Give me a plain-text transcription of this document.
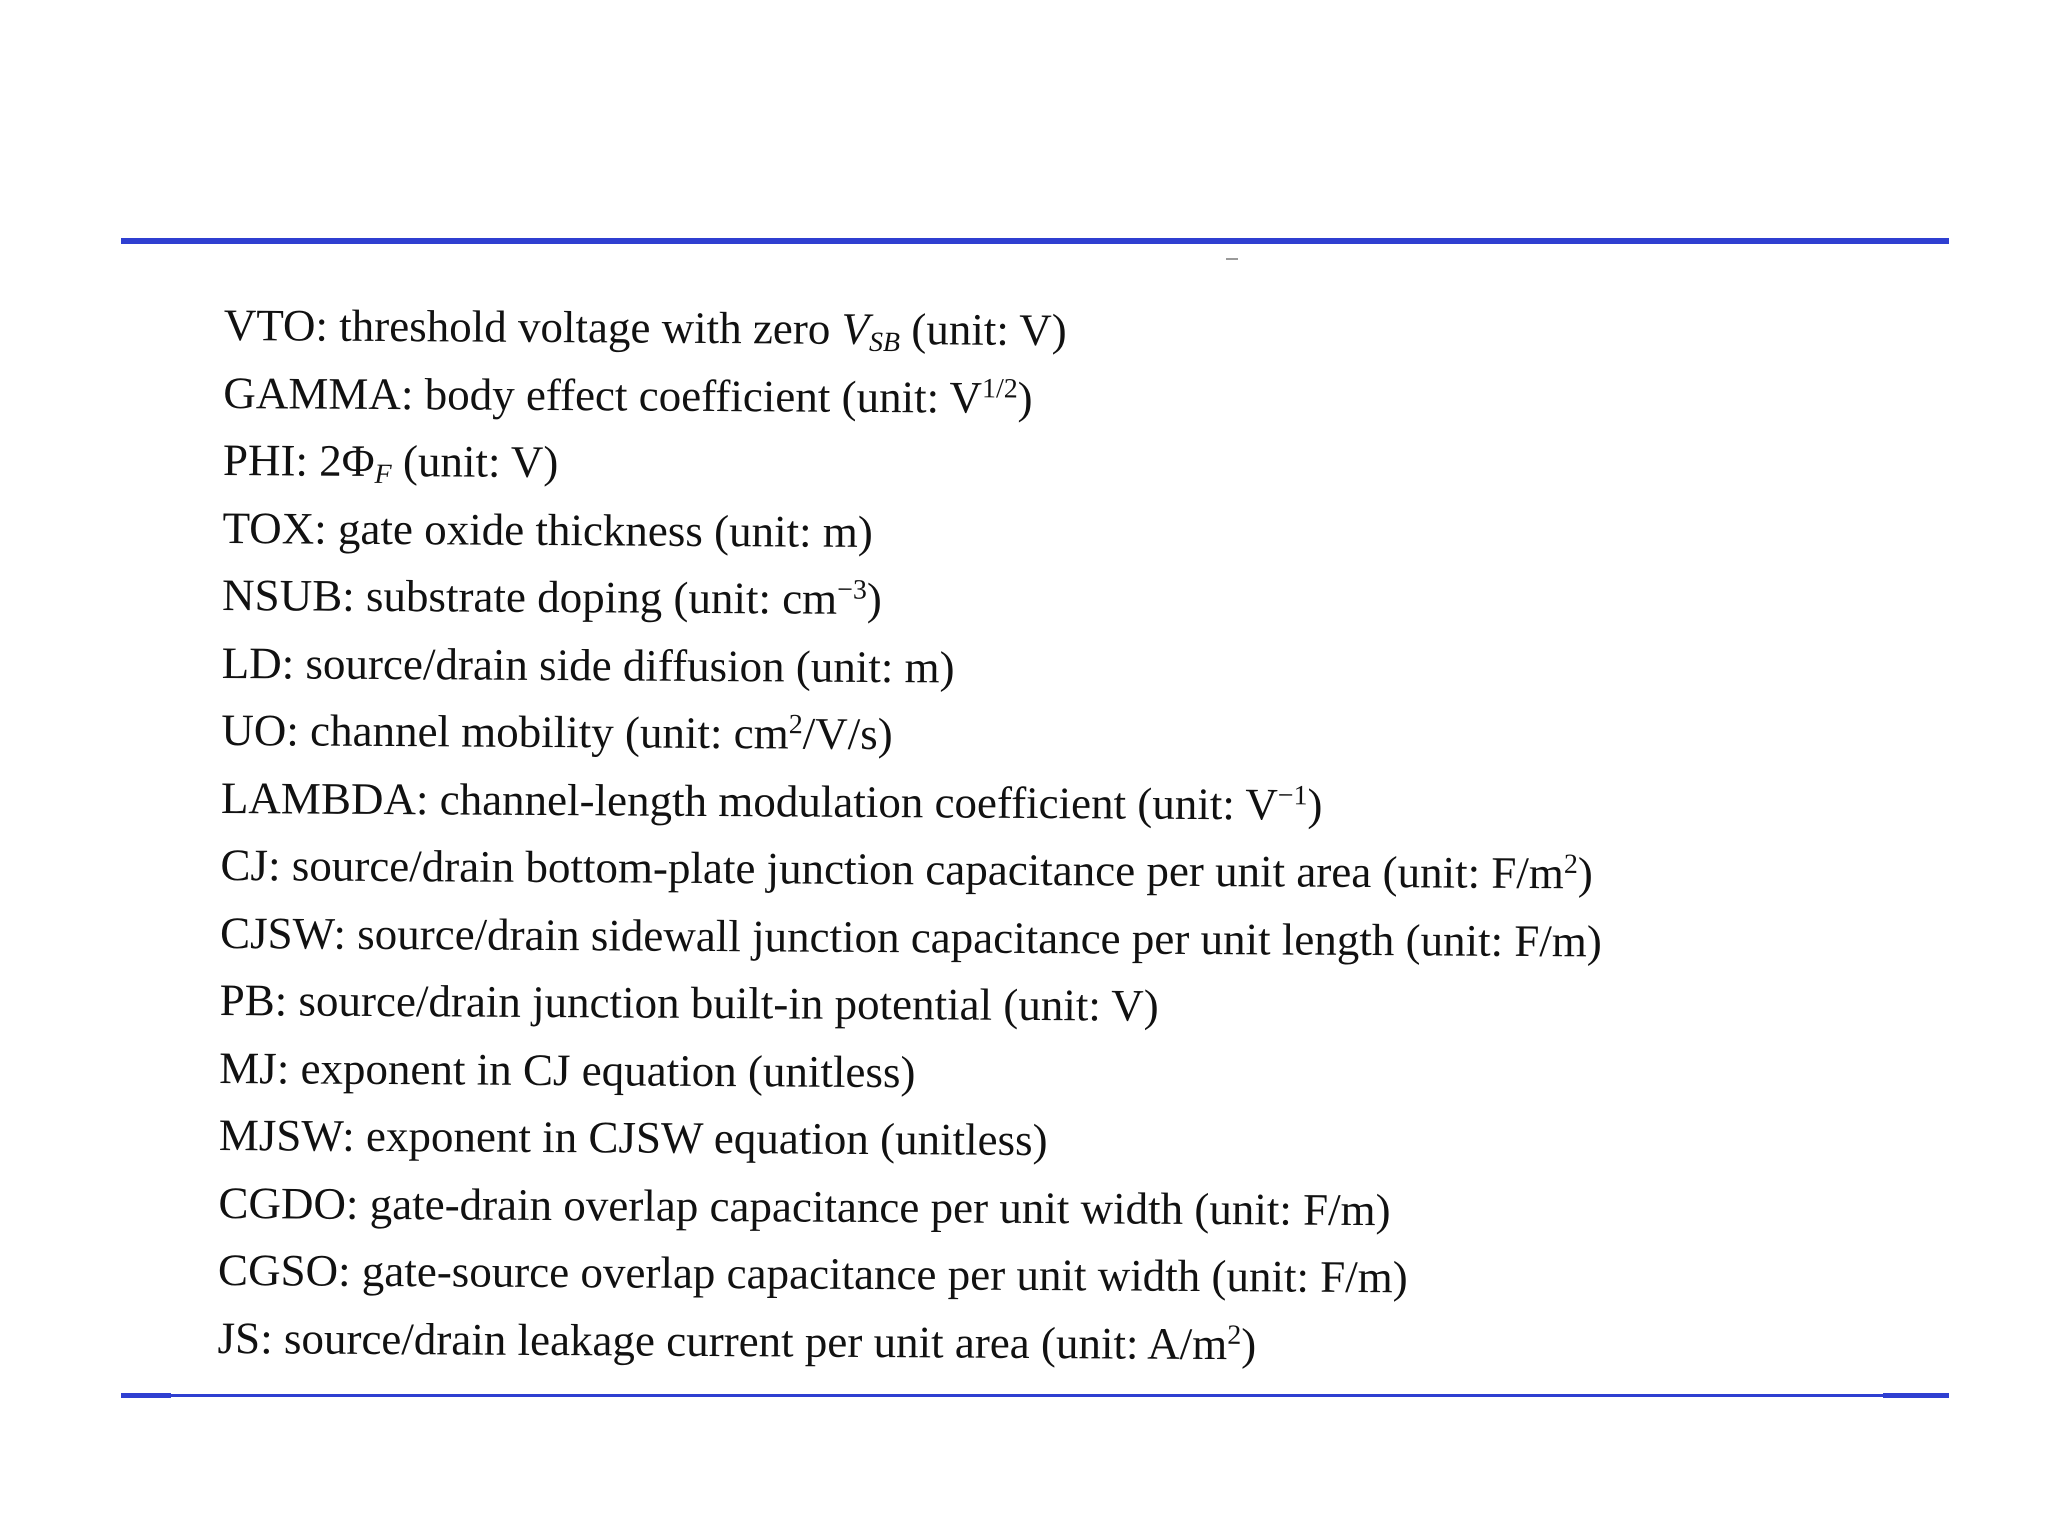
VTO: threshold voltage with zero $V_{SB}$ (unit: V)
GAMMA: body effect coefficient (unit: $V^{1/2}$)
PHI: $2\Phi_F$ (unit: V)
TOX: gate oxide thickness (unit: m)
NSUB: substrate doping (unit: $cm^{-3}$)
LD: source/drain side diffusion (unit: m)
UO: channel mobility (unit: $cm^2/V/s$)
LAMBDA: channel-length modulation coefficient (unit: $V^{-1}$)
CJ: source/drain bottom-plate junction capacitance per unit area (unit: $F/m^2$)
CJSW: source/drain sidewall junction capacitance per unit length (unit: F/m)
PB: source/drain junction built-in potential (unit: V)
MJ: exponent in CJ equation (unitless)
MJSW: exponent in CJSW equation (unitless)
CGDO: gate-drain overlap capacitance per unit width (unit: F/m)
CGSO: gate-source overlap capacitance per unit width (unit: F/m)
JS: source/drain leakage current per unit area (unit: $A/m^2$)
